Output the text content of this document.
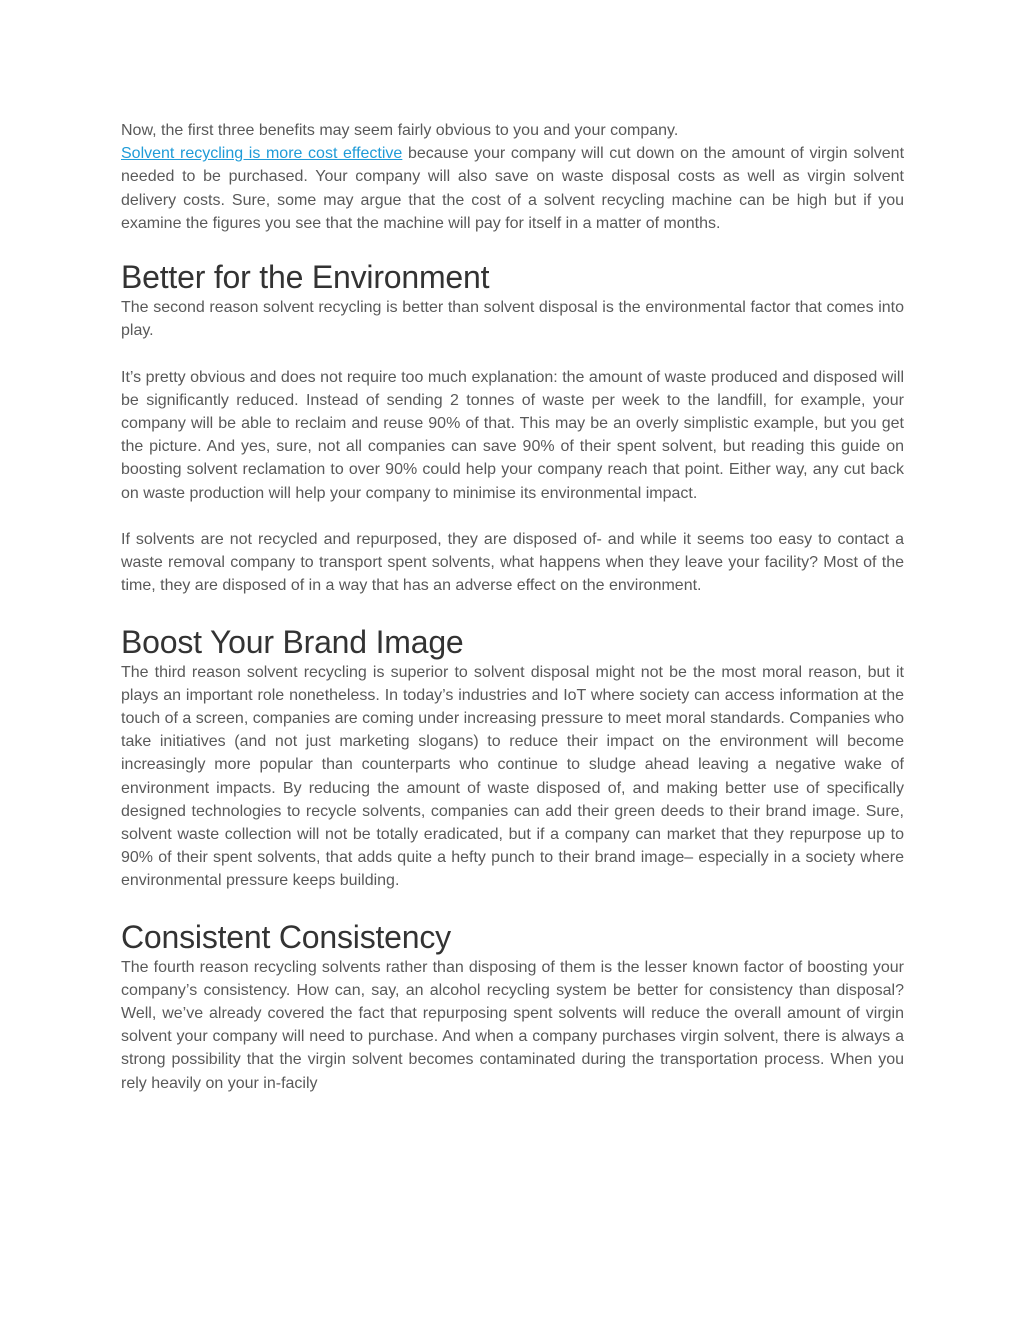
Now, the first three benefits may seem fairly obvious to you and your company.

Solvent recycling is more cost effective because your company will cut down on the amount of virgin solvent needed to be purchased. Your company will also save on waste disposal costs as well as virgin solvent delivery costs. Sure, some may argue that the cost of a solvent recycling machine can be high but if you examine the figures you see that the machine will pay for itself in a matter of months.

Better for the Environment

The second reason solvent recycling is better than solvent disposal is the environmental factor that comes into play.

It’s pretty obvious and does not require too much explanation: the amount of waste produced and disposed will be significantly reduced. Instead of sending 2 tonnes of waste per week to the landfill, for example, your company will be able to reclaim and reuse 90% of that. This may be an overly simplistic example, but you get the picture. And yes, sure, not all companies can save 90% of their spent solvent, but reading this guide on boosting solvent reclamation to over 90% could help your company reach that point. Either way, any cut back on waste production will help your company to minimise its environmental impact.

If solvents are not recycled and repurposed, they are disposed of- and while it seems too easy to contact a waste removal company to transport spent solvents, what happens when they leave your facility? Most of the time, they are disposed of in a way that has an adverse effect on the environment.

Boost Your Brand Image

The third reason solvent recycling is superior to solvent disposal might not be the most moral reason, but it plays an important role nonetheless. In today’s industries and IoT where society can access information at the touch of a screen, companies are coming under increasing pressure to meet moral standards. Companies who take initiatives (and not just marketing slogans) to reduce their impact on the environment will become increasingly more popular than counterparts who continue to sludge ahead leaving a negative wake of environment impacts. By reducing the amount of waste disposed of, and making better use of specifically designed technologies to recycle solvents, companies can add their green deeds to their brand image. Sure, solvent waste collection will not be totally eradicated, but if a company can market that they repurpose up to 90% of their spent solvents, that adds quite a hefty punch to their brand image– especially in a society where environmental pressure keeps building.

Consistent Consistency

The fourth reason recycling solvents rather than disposing of them is the lesser known factor of boosting your company’s consistency. How can, say, an alcohol recycling system be better for consistency than disposal? Well, we’ve already covered the fact that repurposing spent solvents will reduce the overall amount of virgin solvent your company will need to purchase. And when a company purchases virgin solvent, there is always a strong possibility that the virgin solvent becomes contaminated during the transportation process. When you rely heavily on your in-facily
